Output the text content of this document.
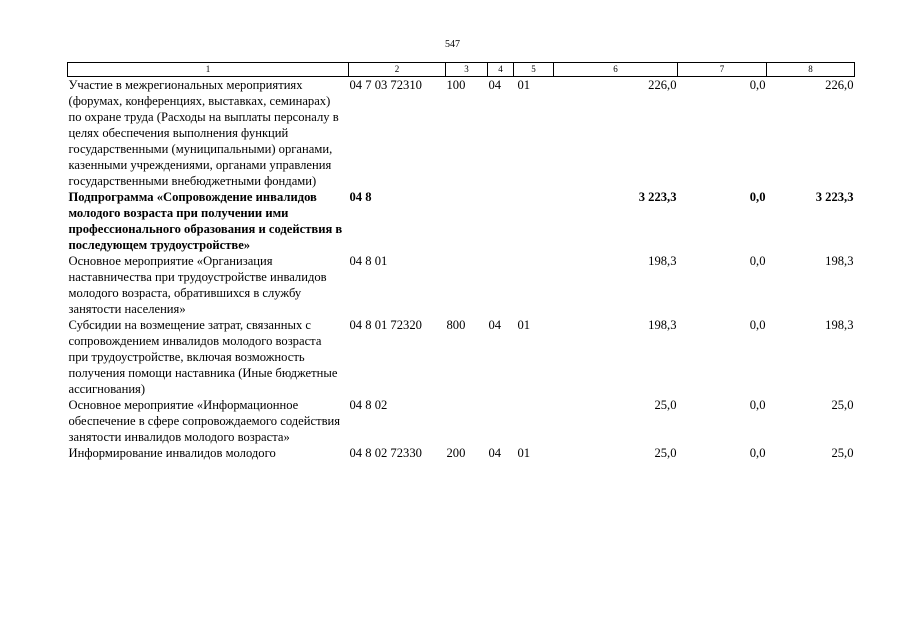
547
1	2	3	4	5	6	7	8
Участие в межрегиональных мероприятиях (форумах, конференциях, выставках, семинарах) по охране труда (Расходы на выплаты персоналу в целях обеспечения выполнения функций государственными (муниципальными) органами, казенными учреждениями, органами управления государственными внебюджетными фондами)	04 7 03 72310	100	04	01	226,0	0,0	226,0
Подпрограмма «Сопровождение инвалидов молодого возраста при получении ими профессионального образования и содействия в последующем трудоустройстве»	04 8				3 223,3	0,0	3 223,3
Основное мероприятие «Организация наставничества при трудоустройстве инвалидов молодого возраста, обратившихся в службу занятости населения»	04 8 01				198,3	0,0	198,3
Субсидии на возмещение затрат, связанных с сопровождением инвалидов молодого возраста при трудоустройстве, включая возможность получения помощи наставника (Иные бюджетные ассигнования)	04 8 01 72320	800	04	01	198,3	0,0	198,3
Основное мероприятие «Информационное обеспечение в сфере сопровождаемого содействия занятости инвалидов молодого возраста»	04 8 02				25,0	0,0	25,0
Информирование инвалидов молодого	04 8 02 72330	200	04	01	25,0	0,0	25,0
